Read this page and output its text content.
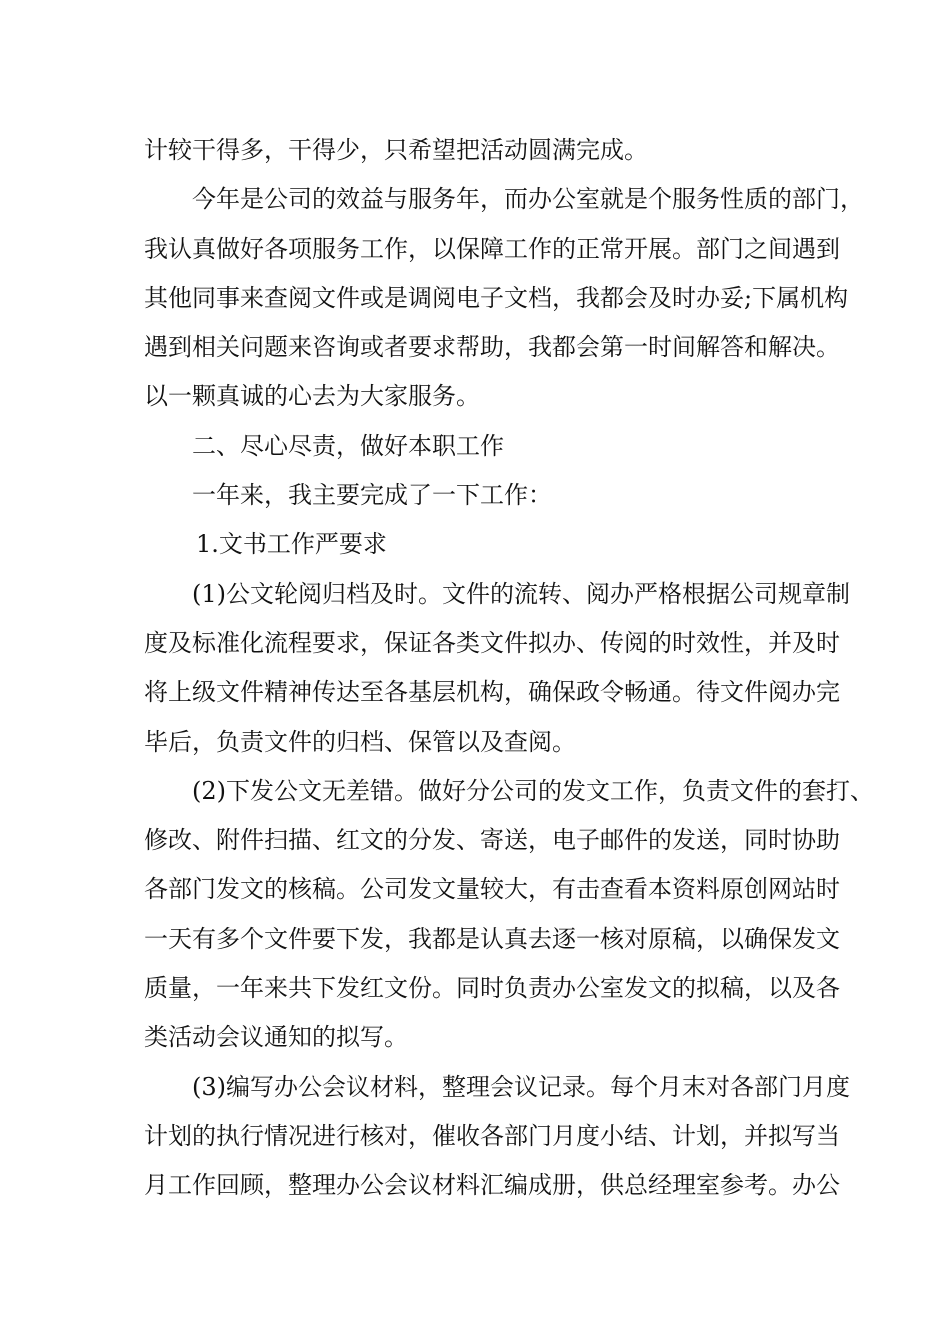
计较干得多，干得少，只希望把活动圆满完成。
今年是公司的效益与服务年，而办公室就是个服务性质的部门，
我认真做好各项服务工作，以保障工作的正常开展。部门之间遇到
其他同事来查阅文件或是调阅电子文档，我都会及时办妥;下属机构
遇到相关问题来咨询或者要求帮助，我都会第一时间解答和解决。
以一颗真诚的心去为大家服务。
二、尽心尽责，做好本职工作
一年来，我主要完成了一下工作：
1.文书工作严要求
(1)公文轮阅归档及时。文件的流转、阅办严格根据公司规章制
度及标准化流程要求，保证各类文件拟办、传阅的时效性，并及时
将上级文件精神传达至各基层机构，确保政令畅通。待文件阅办完
毕后，负责文件的归档、保管以及查阅。
(2)下发公文无差错。做好分公司的发文工作，负责文件的套打、
修改、附件扫描、红文的分发、寄送，电子邮件的发送，同时协助
各部门发文的核稿。公司发文量较大，有击查看本资料原创网站时
一天有多个文件要下发，我都是认真去逐一核对原稿，以确保发文
质量，一年来共下发红文份。同时负责办公室发文的拟稿，以及各
类活动会议通知的拟写。
(3)编写办公会议材料，整理会议记录。每个月末对各部门月度
计划的执行情况进行核对，催收各部门月度小结、计划，并拟写当
月工作回顾，整理办公会议材料汇编成册，供总经理室参考。办公
